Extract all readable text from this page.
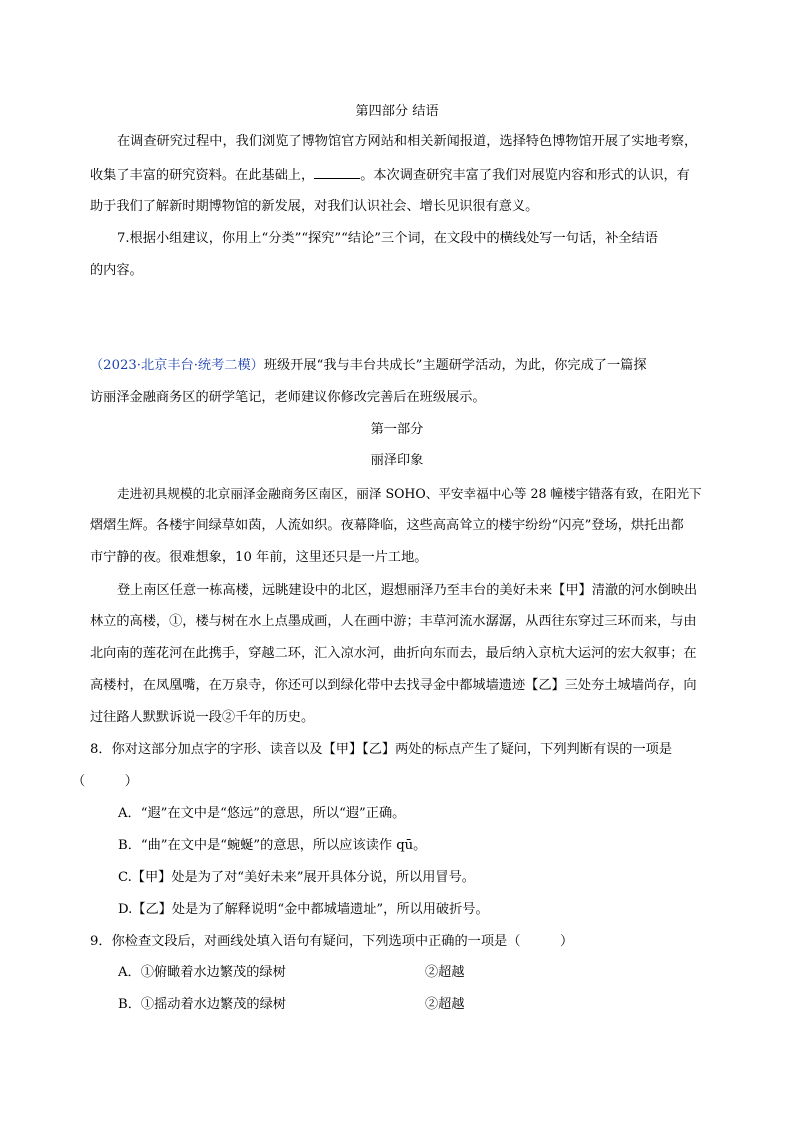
第四部分 结语
在调查研究过程中，我们浏览了博物馆官方网站和相关新闻报道，选择特色博物馆开展了实地考察，
收集了丰富的研究资料。在此基础上，	。本次调查研究丰富了我们对展览内容和形式的认识，有
助于我们了解新时期博物馆的新发展，对我们认识社会、增长见识很有意义。
7.根据小组建议，你用上“分类”“探究”“结论”三个词，在文段中的横线处写一句话，补全结语
的内容。
（2023·北京丰台·统考二模）班级开展“我与丰台共成长”主题研学活动，为此，你完成了一篇探
访丽泽金融商务区的研学笔记，老师建议你修改完善后在班级展示。
第一部分
丽泽印象
走进初具规模的北京丽泽金融商务区南区，丽泽 SOHO、平安幸福中心等 28 幢楼宇错落有致，在阳光下
熠熠生辉。各楼宇间绿草如茵，人流如织。夜幕降临，这些高高耸立的楼宇纷纷“闪亮”登场，烘托出都
市宁静的夜。很难想象，10 年前，这里还只是一片工地。
登上南区任意一栋高楼，远眺建设中的北区，遐想丽泽乃至丰台的美好未来【甲】清澈的河水倒映出
林立的高楼，①，楼与树在水上点墨成画，人在画中游；丰草河流水潺潺，从西往东穿过三环而来，与由
北向南的莲花河在此携手，穿越二环，汇入凉水河，曲折向东而去，最后纳入京杭大运河的宏大叙事；在
高楼村，在凤凰嘴，在万泉寺，你还可以到绿化带中去找寻金中都城墙遗迹【乙】三处夯土城墙尚存，向
过往路人默默诉说一段②千年的历史。
8．你对这部分加点字的字形、读音以及【甲】【乙】两处的标点产生了疑问，下列判断有误的一项是
（　　　）
A．“遐”在文中是“悠远”的意思，所以“遐”正确。
B．“曲”在文中是“蜿蜒”的意思，所以应该读作 qū。
C.【甲】处是为了对“美好未来”展开具体分说，所以用冒号。
D.【乙】处是为了解释说明“金中都城墙遗址”，所以用破折号。
9．你检查文段后，对画线处填入语句有疑问，下列选项中正确的一项是（　　　）
A．①俯瞰着水边繁茂的绿树	②超越
B．①摇动着水边繁茂的绿树	②超越
